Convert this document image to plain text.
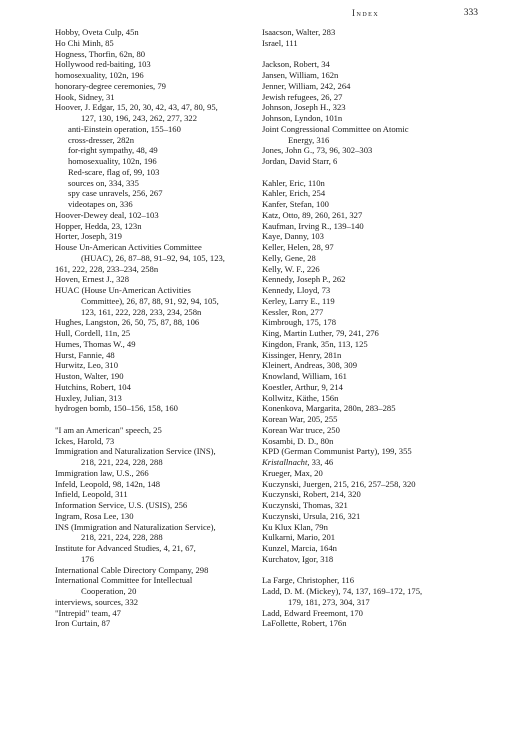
Index	333
Hobby, Oveta Culp, 45n
Ho Chi Minh, 85
Hogness, Thorfin, 62n, 80
Hollywood red-baiting, 103
homosexuality, 102n, 196
honorary-degree ceremonies, 79
Hook, Sidney, 31
Hoover, J. Edgar, 15, 20, 30, 42, 43, 47, 80, 95,
127, 130, 196, 243, 262, 277, 322
anti-Einstein operation, 155–160
cross-dresser, 282n
for-right sympathy, 48, 49
homosexuality, 102n, 196
Red-scare, flag of, 99, 103
sources on, 334, 335
spy case unravels, 256, 267
videotapes on, 336
Hoover-Dewey deal, 102–103
Hopper, Hedda, 23, 123n
Horter, Joseph, 319
House Un-American Activities Committee
(HUAC), 26, 87–88, 91–92, 94, 105, 123,
161, 222, 228, 233–234, 258n
Hoven, Ernest J., 328
HUAC (House Un-American Activities
Committee), 26, 87, 88, 91, 92, 94, 105,
123, 161, 222, 228, 233, 234, 258n
Hughes, Langston, 26, 50, 75, 87, 88, 106
Hull, Cordell, 11n, 25
Humes, Thomas W., 49
Hurst, Fannie, 48
Hurwitz, Leo, 310
Huston, Walter, 190
Hutchins, Robert, 104
Huxley, Julian, 313
hydrogen bomb, 150–156, 158, 160
"I am an American" speech, 25
Ickes, Harold, 73
Immigration and Naturalization Service (INS),
218, 221, 224, 228, 288
Immigration law, U.S., 266
Infeld, Leopold, 98, 142n, 148
Infield, Leopold, 311
Information Service, U.S. (USIS), 256
Ingram, Rosa Lee, 130
INS (Immigration and Naturalization Service),
218, 221, 224, 228, 288
Institute for Advanced Studies, 4, 21, 67,
176
International Cable Directory Company, 298
International Committee for Intellectual
Cooperation, 20
interviews, sources, 332
"Intrepid" team, 47
Iron Curtain, 87
Isaacson, Walter, 283
Israel, 111
Jackson, Robert, 34
Jansen, William, 162n
Jenner, William, 242, 264
Jewish refugees, 26, 27
Johnson, Joseph H., 323
Johnson, Lyndon, 101n
Joint Congressional Committee on Atomic
Energy, 316
Jones, John G., 73, 96, 302–303
Jordan, David Starr, 6
Kahler, Eric, 110n
Kahler, Erich, 254
Kanfer, Stefan, 100
Katz, Otto, 89, 260, 261, 327
Kaufman, Irving R., 139–140
Kaye, Danny, 103
Keller, Helen, 28, 97
Kelly, Gene, 28
Kelly, W. F., 226
Kennedy, Joseph P., 262
Kennedy, Lloyd, 73
Kerley, Larry E., 119
Kessler, Ron, 277
Kimbrough, 175, 178
King, Martin Luther, 79, 241, 276
Kingdon, Frank, 35n, 113, 125
Kissinger, Henry, 281n
Kleinert, Andreas, 308, 309
Knowland, William, 161
Koestler, Arthur, 9, 214
Kollwitz, Käthe, 156n
Konenkova, Margarita, 280n, 283–285
Korean War, 205, 255
Korean War truce, 250
Kosambi, D. D., 80n
KPD (German Communist Party), 199, 355
Kristallnacht, 33, 46
Krueger, Max, 20
Kuczynski, Juergen, 215, 216, 257–258, 320
Kuczynski, Robert, 214, 320
Kuczynski, Thomas, 321
Kuczynski, Ursula, 216, 321
Ku Klux Klan, 79n
Kulkarni, Mario, 201
Kunzel, Marcia, 164n
Kurchatov, Igor, 318
La Farge, Christopher, 116
Ladd, D. M. (Mickey), 74, 137, 169–172, 175,
179, 181, 273, 304, 317
Ladd, Edward Freemont, 170
LaFollette, Robert, 176n
